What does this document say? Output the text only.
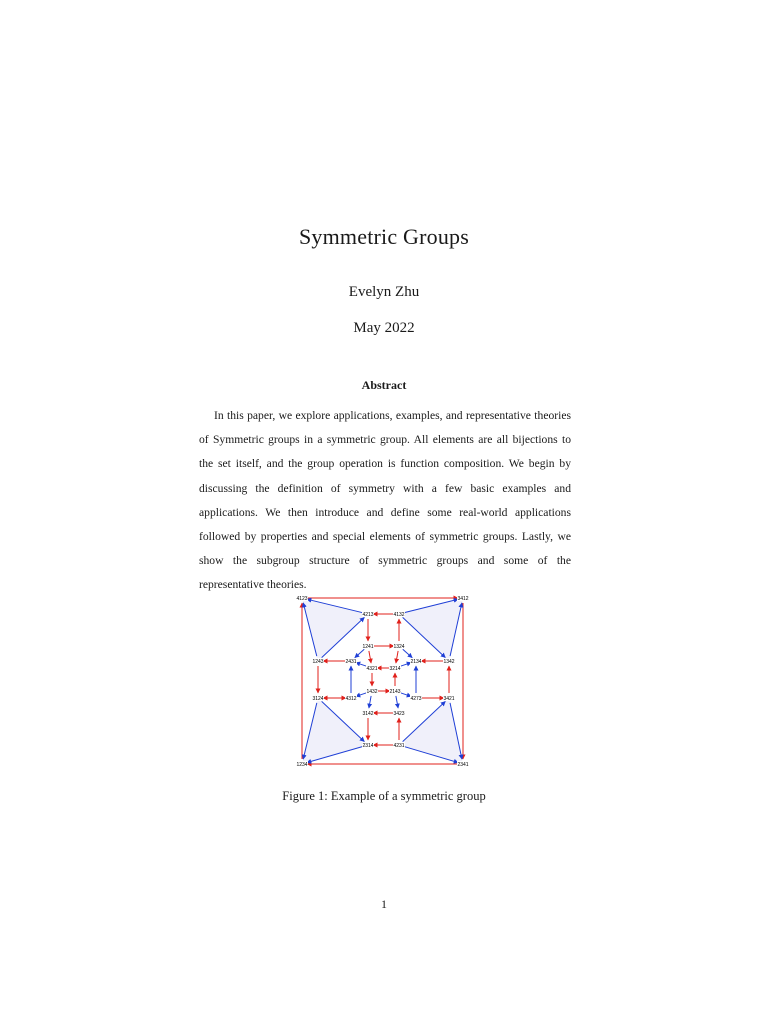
Symmetric Groups
Evelyn Zhu
May 2022
Abstract

In this paper, we explore applications, examples, and representative theories of Symmetric groups in a symmetric group. All elements are all bijections to the set itself, and the group operation is function composition. We begin by discussing the definition of symmetry with a few basic examples and applications. We then introduce and define some real-world applications followed by properties and special elements of symmetric groups. Lastly, we show the subgroup structure of symmetric groups and some of the representative theories.

4123	3412
1234	2341
4213	4132
1243	1342
3124	3421
2314	4231
1241	1324
2431	2134
4321 3214
1432 2143
4312	4273
3142	3423
Figure 1: Example of a symmetric group
1
